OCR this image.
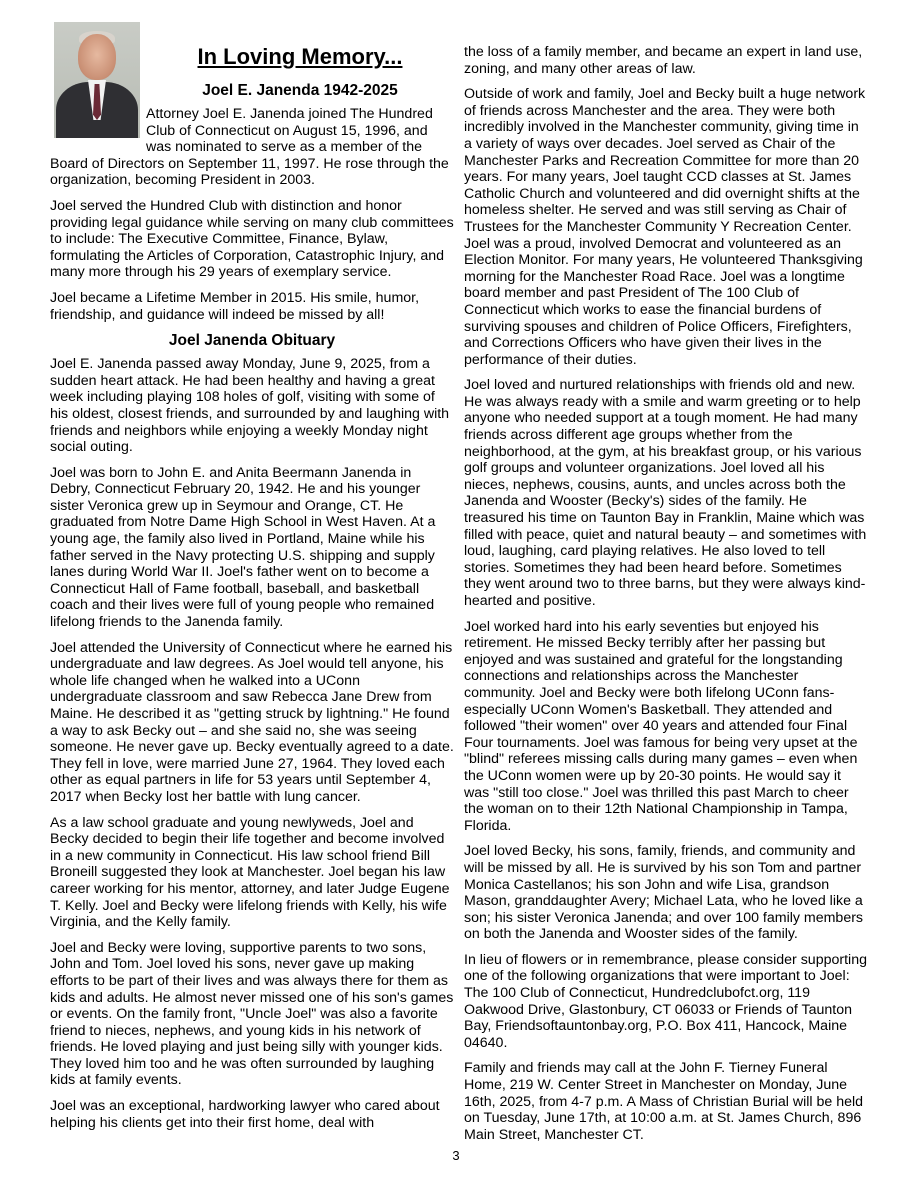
In Loving Memory...
Joel E. Janenda 1942-2025

Attorney Joel E. Janenda joined The Hundred Club of Connecticut on August 15, 1996, and was nominated to serve as a member of the Board of Directors on September 11, 1997. He rose through the organization, becoming President in 2003.

Joel served the Hundred Club with distinction and honor providing legal guidance while serving on many club committees to include: The Executive Committee, Finance, Bylaw, formulating the Articles of Corporation, Catastrophic Injury, and many more through his 29 years of exemplary service.

Joel became a Lifetime Member in 2015. His smile, humor, friendship, and guidance will indeed be missed by all!

Joel Janenda Obituary

Joel E. Janenda passed away Monday, June 9, 2025, from a sudden heart attack. He had been healthy and having a great week including playing 108 holes of golf, visiting with some of his oldest, closest friends, and surrounded by and laughing with friends and neighbors while enjoying a weekly Monday night social outing.

Joel was born to John E. and Anita Beermann Janenda in Debry, Connecticut February 20, 1942. He and his younger sister Veronica grew up in Seymour and Orange, CT. He graduated from Notre Dame High School in West Haven. At a young age, the family also lived in Portland, Maine while his father served in the Navy protecting U.S. shipping and supply lanes during World War II. Joel's father went on to become a Connecticut Hall of Fame football, baseball, and basketball coach and their lives were full of young people who remained lifelong friends to the Janenda family.

Joel attended the University of Connecticut where he earned his undergraduate and law degrees. As Joel would tell anyone, his whole life changed when he walked into a UConn undergraduate classroom and saw Rebecca Jane Drew from Maine. He described it as "getting struck by lightning." He found a way to ask Becky out – and she said no, she was seeing someone. He never gave up. Becky eventually agreed to a date. They fell in love, were married June 27, 1964. They loved each other as equal partners in life for 53 years until September 4, 2017 when Becky lost her battle with lung cancer.

As a law school graduate and young newlyweds, Joel and Becky decided to begin their life together and become involved in a new community in Connecticut. His law school friend Bill Broneill suggested they look at Manchester. Joel began his law career working for his mentor, attorney, and later Judge Eugene T. Kelly. Joel and Becky were lifelong friends with Kelly, his wife Virginia, and the Kelly family.

Joel and Becky were loving, supportive parents to two sons, John and Tom. Joel loved his sons, never gave up making efforts to be part of their lives and was always there for them as kids and adults. He almost never missed one of his son's games or events. On the family front, "Uncle Joel" was also a favorite friend to nieces, nephews, and young kids in his network of friends. He loved playing and just being silly with younger kids. They loved him too and he was often surrounded by laughing kids at family events.

Joel was an exceptional, hardworking lawyer who cared about helping his clients get into their first home, deal with

the loss of a family member, and became an expert in land use, zoning, and many other areas of law.

Outside of work and family, Joel and Becky built a huge network of friends across Manchester and the area. They were both incredibly involved in the Manchester community, giving time in a variety of ways over decades. Joel served as Chair of the Manchester Parks and Recreation Committee for more than 20 years. For many years, Joel taught CCD classes at St. James Catholic Church and volunteered and did overnight shifts at the homeless shelter. He served and was still serving as Chair of Trustees for the Manchester Community Y Recreation Center. Joel was a proud, involved Democrat and volunteered as an Election Monitor. For many years, He volunteered Thanksgiving morning for the Manchester Road Race. Joel was a longtime board member and past President of The 100 Club of Connecticut which works to ease the financial burdens of surviving spouses and children of Police Officers, Firefighters, and Corrections Officers who have given their lives in the performance of their duties.

Joel loved and nurtured relationships with friends old and new. He was always ready with a smile and warm greeting or to help anyone who needed support at a tough moment. He had many friends across different age groups whether from the neighborhood, at the gym, at his breakfast group, or his various golf groups and volunteer organizations. Joel loved all his nieces, nephews, cousins, aunts, and uncles across both the Janenda and Wooster (Becky's) sides of the family. He treasured his time on Taunton Bay in Franklin, Maine which was filled with peace, quiet and natural beauty – and sometimes with loud, laughing, card playing relatives. He also loved to tell stories. Sometimes they had been heard before. Sometimes they went around two to three barns, but they were always kind-hearted and positive.

Joel worked hard into his early seventies but enjoyed his retirement. He missed Becky terribly after her passing but enjoyed and was sustained and grateful for the longstanding connections and relationships across the Manchester community. Joel and Becky were both lifelong UConn fans- especially UConn Women's Basketball. They attended and followed "their women" over 40 years and attended four Final Four tournaments. Joel was famous for being very upset at the "blind" referees missing calls during many games – even when the UConn women were up by 20-30 points. He would say it was "still too close." Joel was thrilled this past March to cheer the woman on to their 12th National Championship in Tampa, Florida.

Joel loved Becky, his sons, family, friends, and community and will be missed by all. He is survived by his son Tom and partner Monica Castellanos; his son John and wife Lisa, grandson Mason, granddaughter Avery; Michael Lata, who he loved like a son; his sister Veronica Janenda; and over 100 family members on both the Janenda and Wooster sides of the family.

In lieu of flowers or in remembrance, please consider supporting one of the following organizations that were important to Joel: The 100 Club of Connecticut, Hundredclubofct.org, 119 Oakwood Drive, Glastonbury, CT 06033 or Friends of Taunton Bay, Friendsoftauntonbay.org, P.O. Box 411, Hancock, Maine 04640.

Family and friends may call at the John F. Tierney Funeral Home, 219 W. Center Street in Manchester on Monday, June 16th, 2025, from 4-7 p.m. A Mass of Christian Burial will be held on Tuesday, June 17th, at 10:00 a.m. at St. James Church, 896 Main Street, Manchester CT.

3
